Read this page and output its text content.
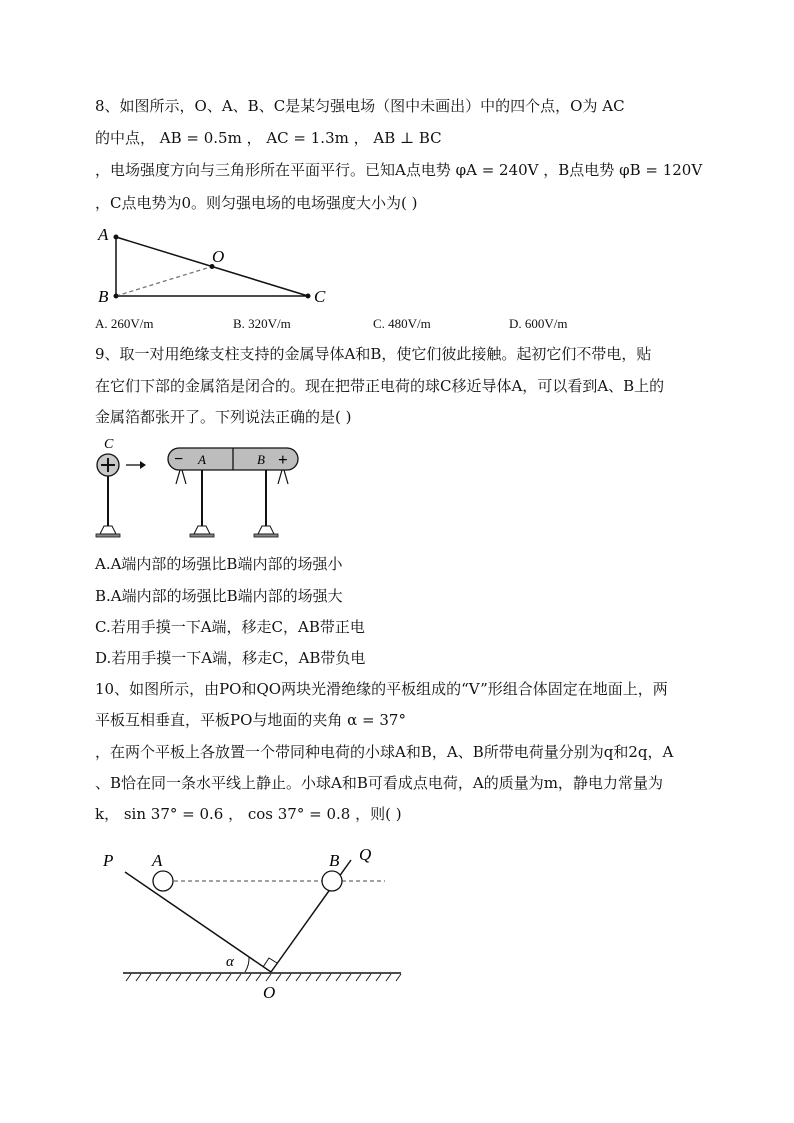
8、如图所示，O、A、B、C是某匀强电场（图中未画出）中的四个点，O为 AC
的中点， AB = 0.5m ， AC = 1.3m ， AB ⊥ BC
，电场强度方向与三角形所在平面平行。已知A点电势 φA = 240V ，B点电势 φB = 120V
，C点电势为0。则匀强电场的电场强度大小为( )
A
B	C
O
A. 260V/m	B. 320V/m	C. 480V/m	D. 600V/m
9、取一对用绝缘支柱支持的金属导体A和B，使它们彼此接触。起初它们不带电，贴
在它们下部的金属箔是闭合的。现在把带正电荷的球C移近导体A，可以看到A、B上的
金属箔都张开了。下列说法正确的是( )
C
− A	B +
A.A端内部的场强比B端内部的场强小
B.A端内部的场强比B端内部的场强大
C.若用手摸一下A端，移走C，AB带正电
D.若用手摸一下A端，移走C，AB带负电
10、如图所示，由PO和QO两块光滑绝缘的平板组成的“V”形组合体固定在地面上，两
平板互相垂直，平板PO与地面的夹角 α = 37°
，在两个平板上各放置一个带同种电荷的小球A和B，A、B所带电荷量分别为q和2q，A
、B恰在同一条水平线上静止。小球A和B可看成点电荷，A的质量为m，静电力常量为
k， sin 37° = 0.6 ， cos 37° = 0.8 ，则( )
P A	B Q
α
O
